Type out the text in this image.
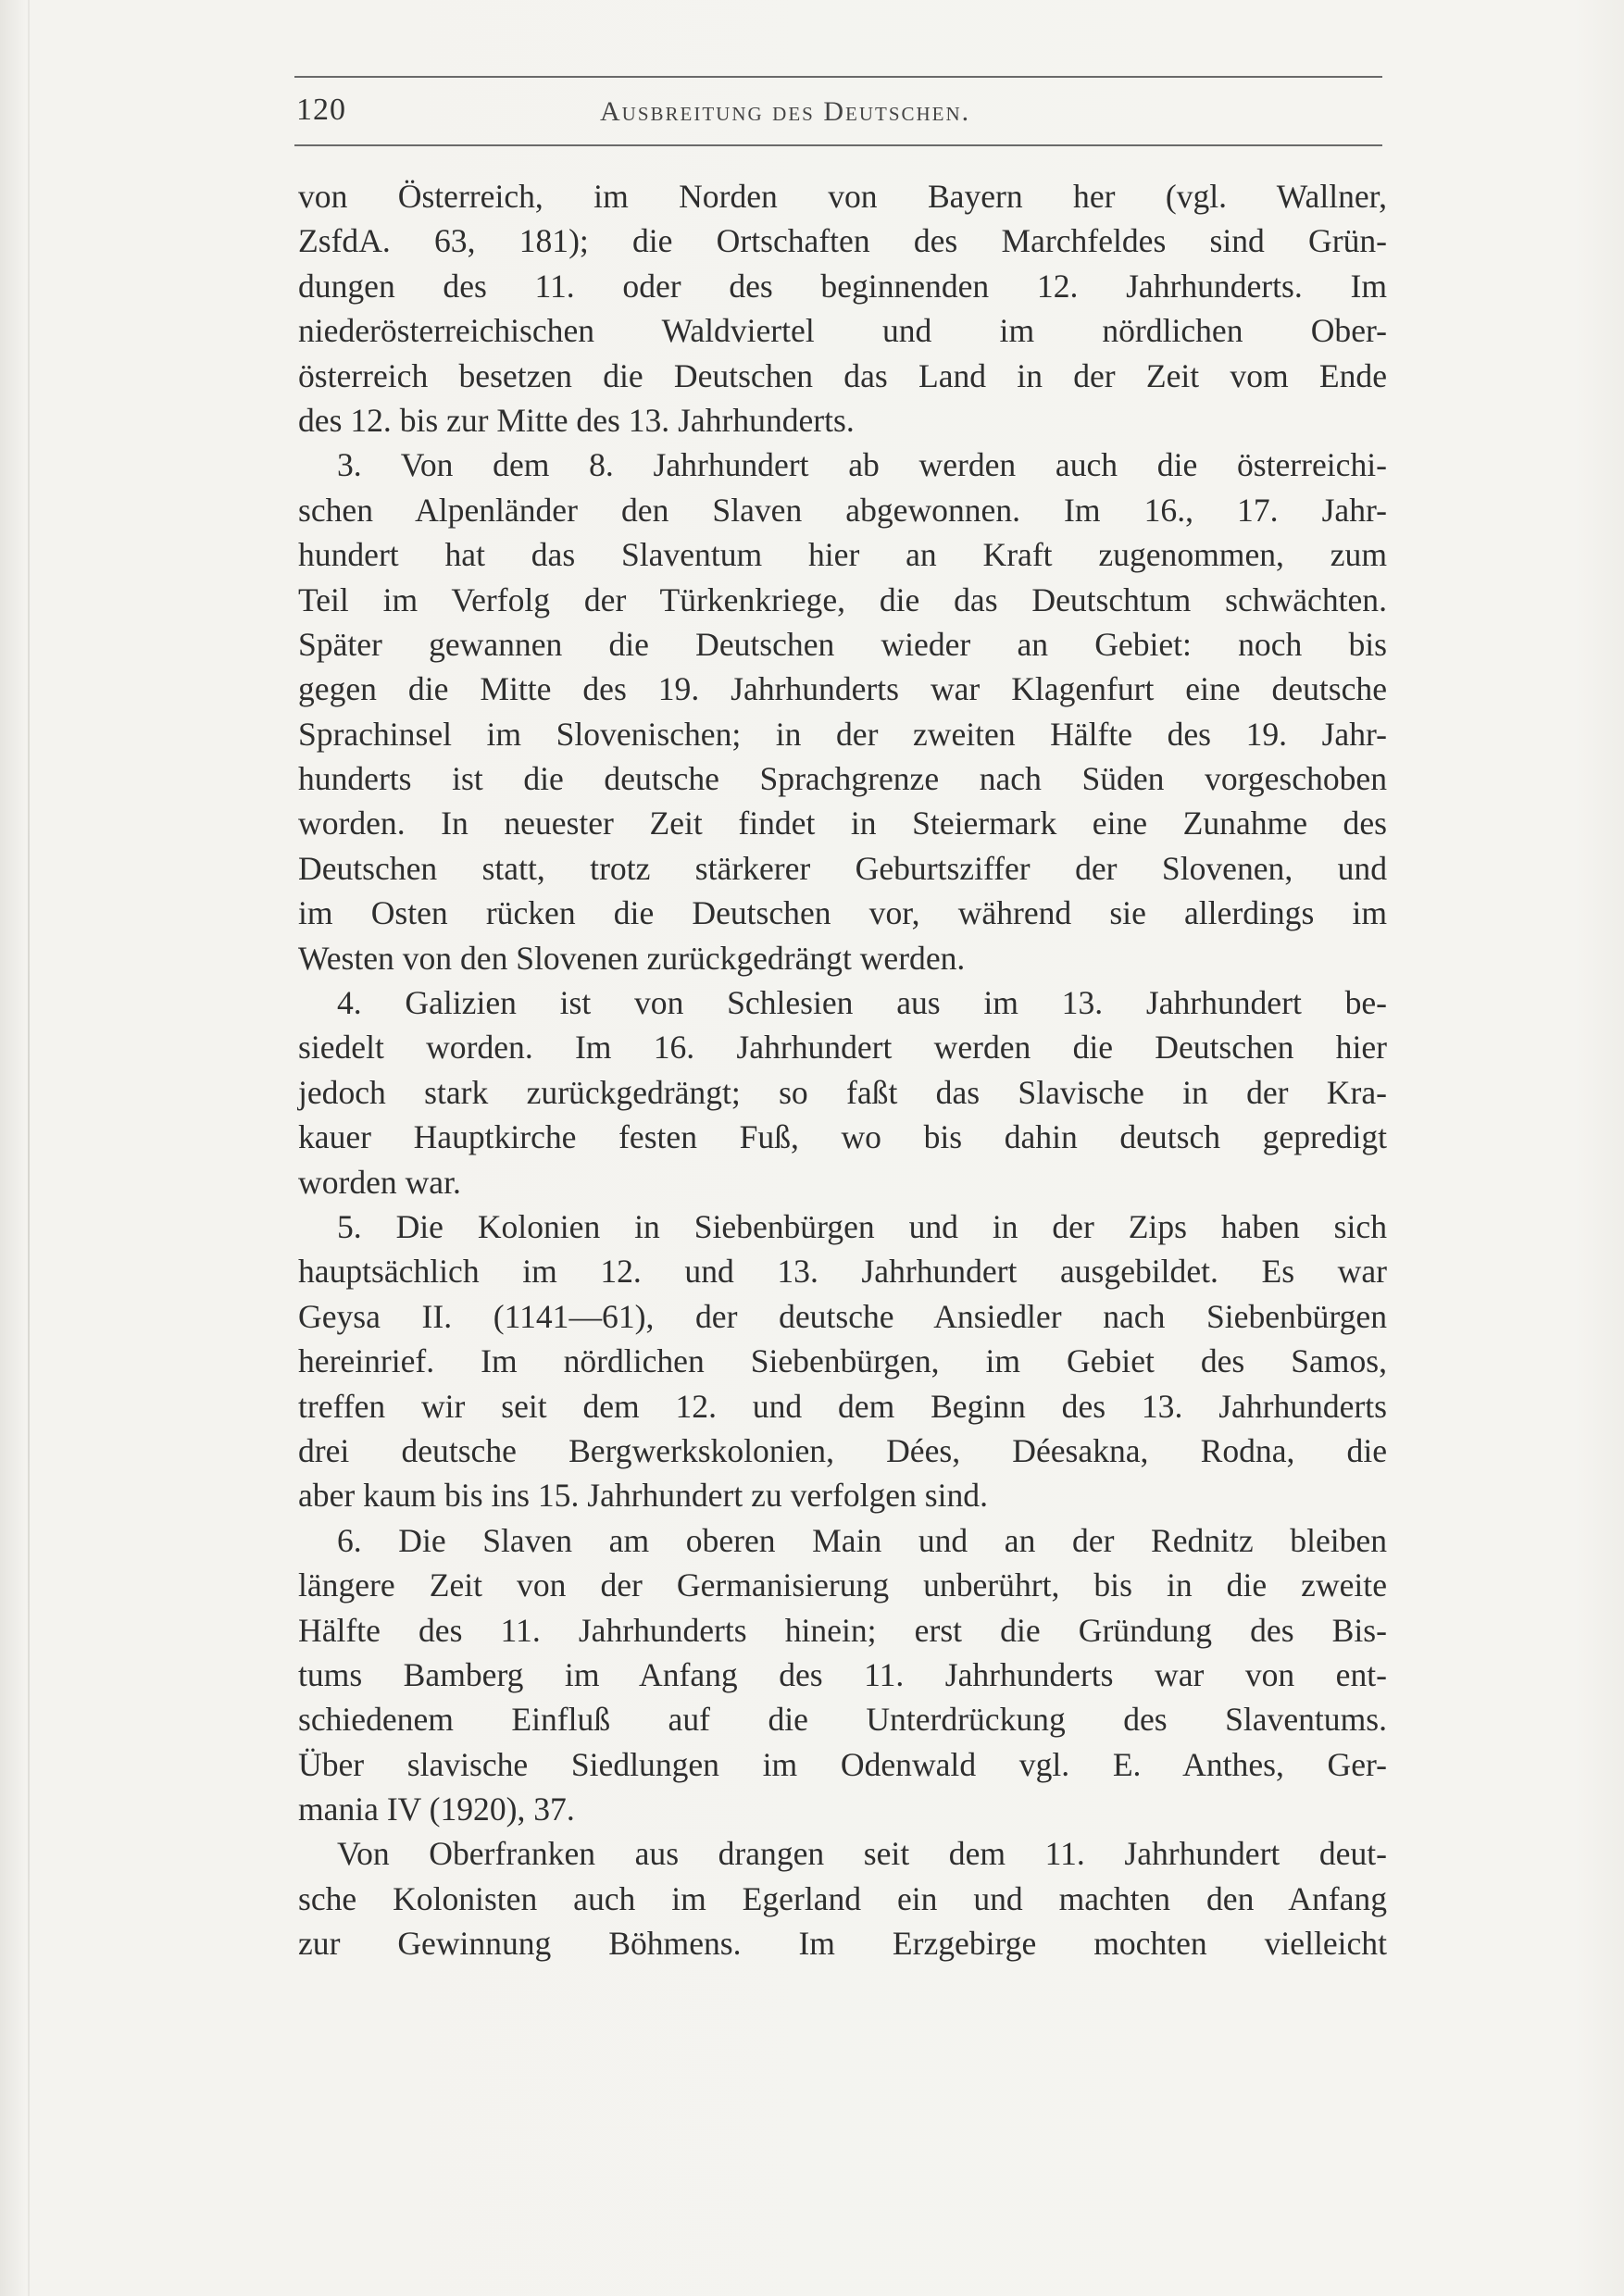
120	Ausbreitung des Deutschen.
von Österreich, im Norden von Bayern her (vgl. Wallner,
ZsfdA. 63, 181); die Ortschaften des Marchfeldes sind Grün-
dungen des 11. oder des beginnenden 12. Jahrhunderts. Im
niederösterreichischen Waldviertel und im nördlichen Ober-
österreich besetzen die Deutschen das Land in der Zeit vom Ende
des 12. bis zur Mitte des 13. Jahrhunderts.
3. Von dem 8. Jahrhundert ab werden auch die österreichi-
schen Alpenländer den Slaven abgewonnen. Im 16., 17. Jahr-
hundert hat das Slaventum hier an Kraft zugenommen, zum
Teil im Verfolg der Türkenkriege, die das Deutschtum schwächten.
Später gewannen die Deutschen wieder an Gebiet: noch bis
gegen die Mitte des 19. Jahrhunderts war Klagenfurt eine deutsche
Sprachinsel im Slovenischen; in der zweiten Hälfte des 19. Jahr-
hunderts ist die deutsche Sprachgrenze nach Süden vorgeschoben
worden. In neuester Zeit findet in Steiermark eine Zunahme des
Deutschen statt, trotz stärkerer Geburtsziffer der Slovenen, und
im Osten rücken die Deutschen vor, während sie allerdings im
Westen von den Slovenen zurückgedrängt werden.
4. Galizien ist von Schlesien aus im 13. Jahrhundert be-
siedelt worden. Im 16. Jahrhundert werden die Deutschen hier
jedoch stark zurückgedrängt; so faßt das Slavische in der Kra-
kauer Hauptkirche festen Fuß, wo bis dahin deutsch gepredigt
worden war.
5. Die Kolonien in Siebenbürgen und in der Zips haben sich
hauptsächlich im 12. und 13. Jahrhundert ausgebildet. Es war
Geysa II. (1141—61), der deutsche Ansiedler nach Siebenbürgen
hereinrief. Im nördlichen Siebenbürgen, im Gebiet des Samos,
treffen wir seit dem 12. und dem Beginn des 13. Jahrhunderts
drei deutsche Bergwerkskolonien, Dées, Déesakna, Rodna, die
aber kaum bis ins 15. Jahrhundert zu verfolgen sind.
6. Die Slaven am oberen Main und an der Rednitz bleiben
längere Zeit von der Germanisierung unberührt, bis in die zweite
Hälfte des 11. Jahrhunderts hinein; erst die Gründung des Bis-
tums Bamberg im Anfang des 11. Jahrhunderts war von ent-
schiedenem Einfluß auf die Unterdrückung des Slaventums.
Über slavische Siedlungen im Odenwald vgl. E. Anthes, Ger-
mania IV (1920), 37.
Von Oberfranken aus drangen seit dem 11. Jahrhundert deut-
sche Kolonisten auch im Egerland ein und machten den Anfang
zur Gewinnung Böhmens. Im Erzgebirge mochten vielleicht
